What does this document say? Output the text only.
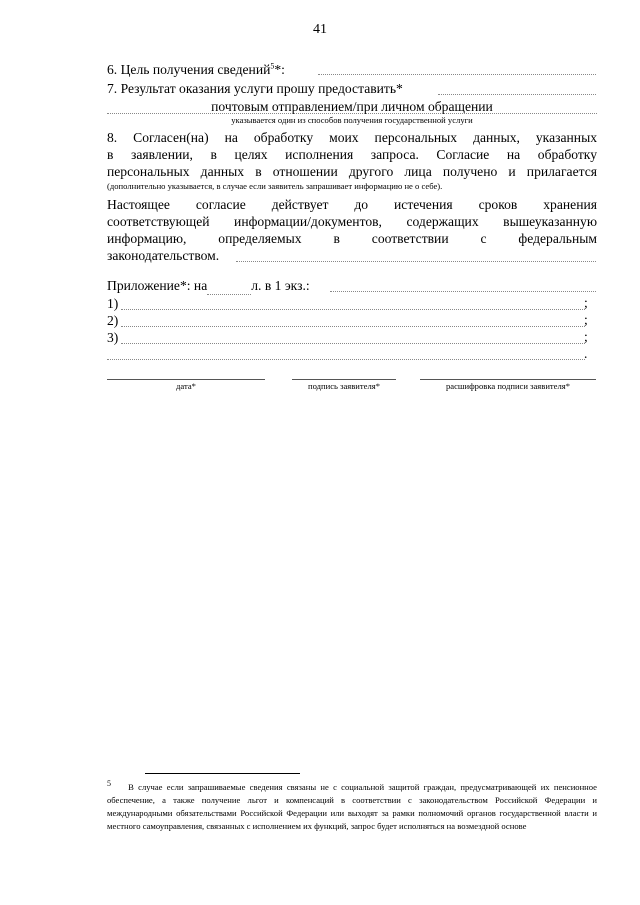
41
6. Цель получения сведений$^5$*:
7. Результат оказания услуги прошу предоставить*
почтовым отправлением/при личном обращении
указывается один из способов получения государственной услуги
8. Согласен(на) на обработку моих персональных данных, указанных
в заявлении, в целях исполнения запроса. Согласие на обработку
персональных данных в отношении другого лица получено и прилагается
(дополнительно указывается, в случае если заявитель запрашивает информацию не о себе).
Настоящее согласие действует до истечения сроков хранения
соответствующей информации/документов, содержащих вышеуказанную
информацию, определяемых в соответствии с федеральным
законодательством.
Приложение*: на	л. в 1 экз.:
1)	;
2)	;
3)	;
.
дата*	подпись заявителя*	расшифровка подписи заявителя*
$^5$ В случае если запрашиваемые сведения связаны не с социальной защитой граждан, предусматривающей их пенсионное обеспечение, а также получение льгот и компенсаций в соответствии с законодательством Российской Федерации и международными обязательствами Российской Федерации или выходят за рамки полномочий органов государственной власти и местного самоуправления, связанных с исполнением их функций, запрос будет исполняться на возмездной основе
